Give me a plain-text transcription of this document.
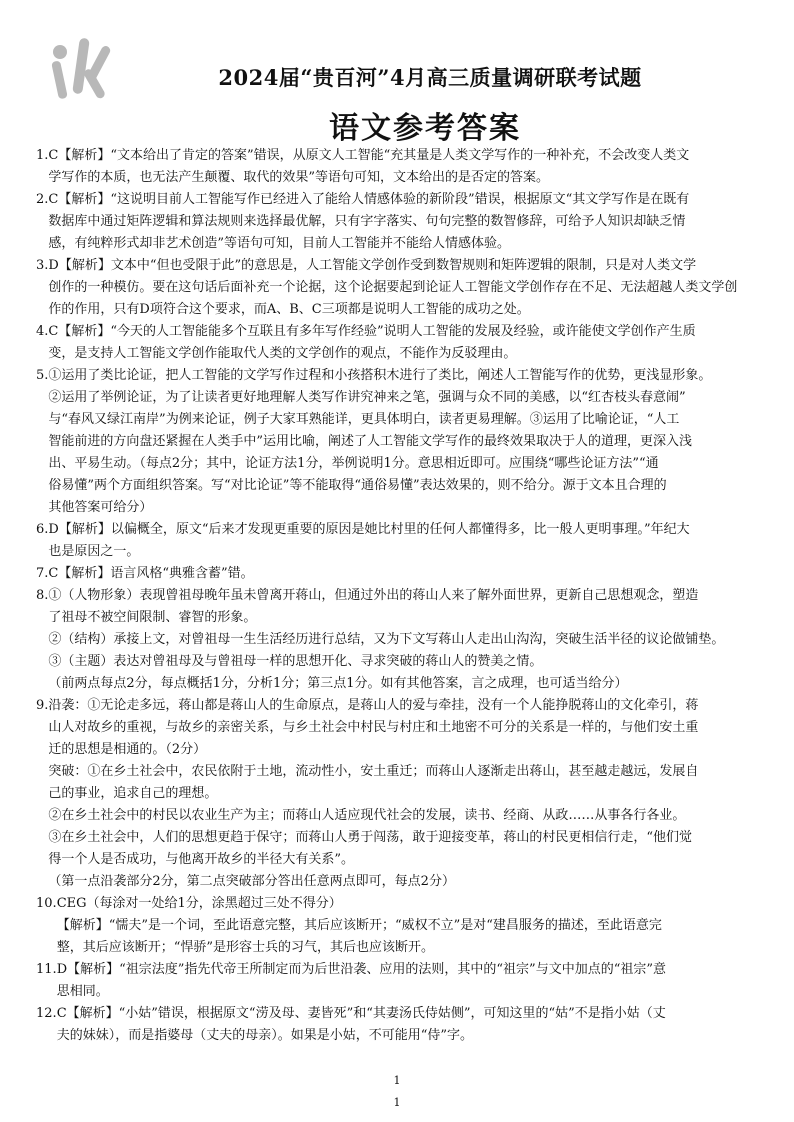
2024届“贵百河”4月高三质量调研联考试题
语文参考答案
1. C【解析】“文本给出了肯定的答案”错误，从原文人工智能“充其量是人类文学写作的一种补充，不会改变人类文
学写作的本质，也无法产生颠覆、取代的效果”等语句可知，文本给出的是否定的答案。
2. C【解析】“这说明目前人工智能写作已经进入了能给人情感体验的新阶段”错误，根据原文“其文学写作是在既有
数据库中通过矩阵逻辑和算法规则来选择最优解，只有字字落实、句句完整的数智修辞，可给予人知识却缺乏情
感，有纯粹形式却非艺术创造”等语句可知，目前人工智能并不能给人情感体验。
3. D【解析】文本中“但也受限于此”的意思是，人工智能文学创作受到数智规则和矩阵逻辑的限制，只是对人类文学
创作的一种模仿。要在这句话后面补充一个论据，这个论据要起到论证人工智能文学创作存在不足、无法超越人类文学创
作的作用，只有D项符合这个要求，而A、B、C三项都是说明人工智能的成功之处。
4. C【解析】“今天的人工智能能多个互联且有多年写作经验”说明人工智能的发展及经验，或许能使文学创作产生质
变，是支持人工智能文学创作能取代人类的文学创作的观点，不能作为反驳理由。
5. ①运用了类比论证，把人工智能的文学写作过程和小孩搭积木进行了类比，阐述人工智能写作的优势，更浅显形象。
②运用了举例论证，为了让读者更好地理解人类写作讲究神来之笔，强调与众不同的美感，以“红杏枝头春意闹”
与“春风又绿江南岸”为例来论证，例子大家耳熟能详，更具体明白，读者更易理解。③运用了比喻论证，“人工
智能前进的方向盘还紧握在人类手中”运用比喻，阐述了人工智能文学写作的最终效果取决于人的道理，更深入浅
出、平易生动。（每点2分；其中，论证方法1分，举例说明1分。意思相近即可。应围绕“哪些论证方法”“通
俗易懂”两个方面组织答案。写“对比论证”等不能取得“通俗易懂”表达效果的，则不给分。源于文本且合理的
其他答案可给分）
6. D【解析】以偏概全，原文“后来才发现更重要的原因是她比村里的任何人都懂得多，比一般人更明事理。”年纪大
也是原因之一。
7. C【解析】语言风格“典雅含蓄”错。
8. ①（人物形象）表现曾祖母晚年虽未曾离开蒋山，但通过外出的蒋山人来了解外面世界，更新自己思想观念，塑造
了祖母不被空间限制、睿智的形象。
②（结构）承接上文，对曾祖母一生生活经历进行总结，又为下文写蒋山人走出山沟沟，突破生活半径的议论做铺垫。
③（主题）表达对曾祖母及与曾祖母一样的思想开化、寻求突破的蒋山人的赞美之情。
（前两点每点2分，每点概括1分，分析1分；第三点1分。如有其他答案，言之成理，也可适当给分）
9. 沿袭：①无论走多远，蒋山都是蒋山人的生命原点，是蒋山人的爱与牵挂，没有一个人能挣脱蒋山的文化牵引，蒋
山人对故乡的重视，与故乡的亲密关系，与乡土社会中村民与村庄和土地密不可分的关系是一样的，与他们安土重
迁的思想是相通的。（2分）
突破：①在乡土社会中，农民依附于土地，流动性小，安土重迁；而蒋山人逐渐走出蒋山，甚至越走越远，发展自
己的事业，追求自己的理想。
②在乡土社会中的村民以农业生产为主；而蒋山人适应现代社会的发展，读书、经商、从政……从事各行各业。
③在乡土社会中，人们的思想更趋于保守；而蒋山人勇于闯荡，敢于迎接变革，蒋山的村民更相信行走，“他们觉
得一个人是否成功，与他离开故乡的半径大有关系”。
（第一点沿袭部分2分，第二点突破部分答出任意两点即可，每点2分）
10. CEG（每涂对一处给1分，涂黑超过三处不得分）
【解析】“懦夫”是一个词，至此语意完整，其后应该断开；“威权不立”是对“建昌服务的描述，至此语意完
整，其后应该断开；“悍骄”是形容士兵的习气，其后也应该断开。
11. D【解析】“祖宗法度”指先代帝王所制定而为后世沿袭、应用的法则，其中的“祖宗”与文中加点的“祖宗”意
思相同。
12. C【解析】“小姑”错误，根据原文“涝及母、妻皆死”和“其妻汤氏侍姑侧”，可知这里的“姑”不是指小姑（丈
夫的妹妹），而是指婆母（丈夫的母亲）。如果是小姑，不可能用“侍”字。
1
1
